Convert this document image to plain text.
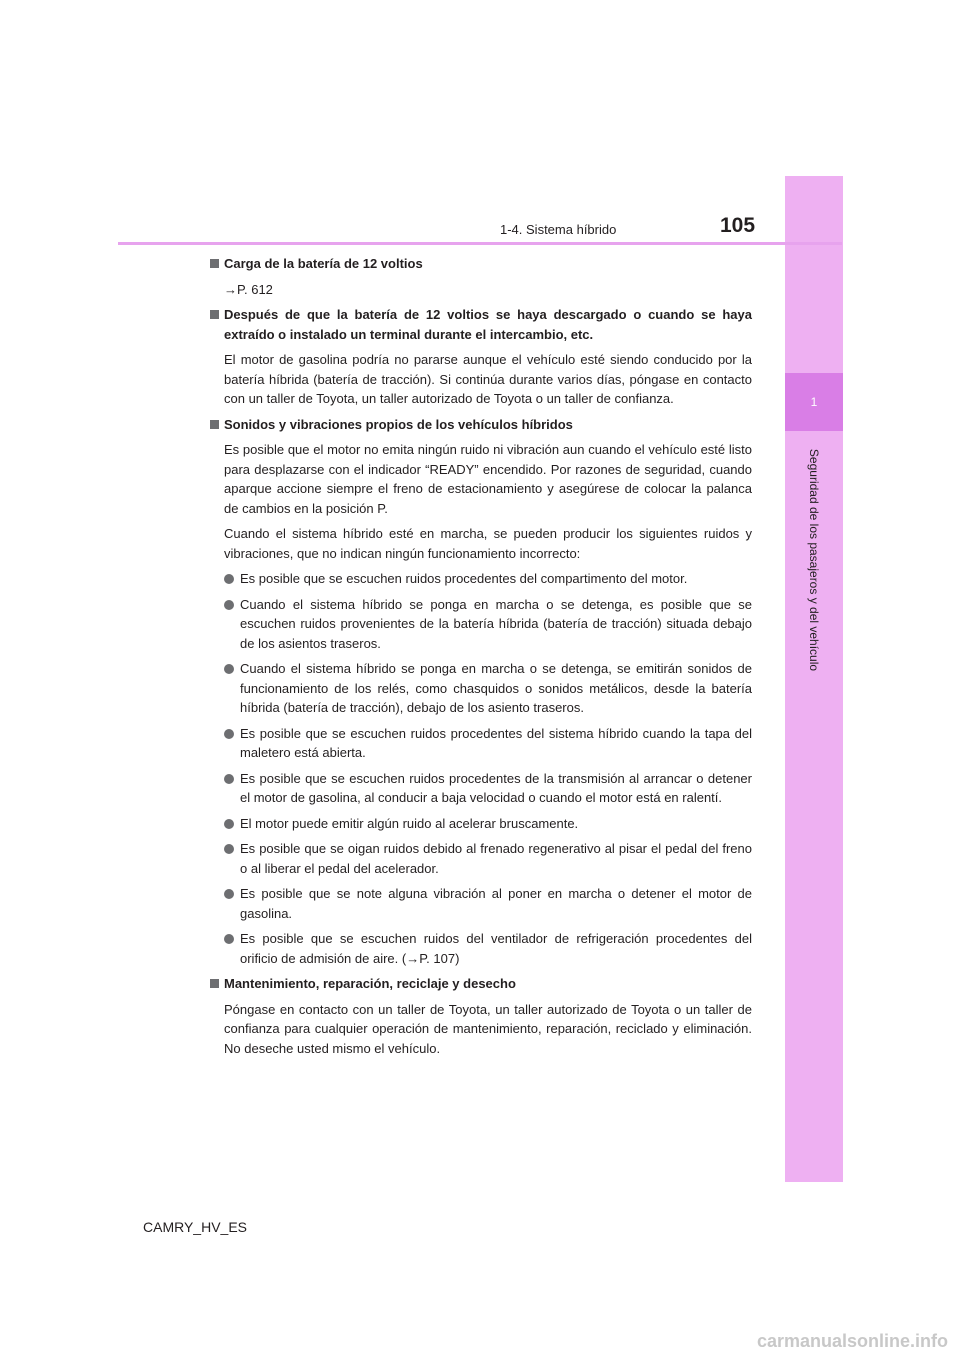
1
Seguridad de los pasajeros y del vehículo
1-4. Sistema híbrido	105
Carga de la batería de 12 voltios
→P. 612
Después de que la batería de 12 voltios se haya descargado o cuando se haya extraído o instalado un terminal durante el intercambio, etc.
El motor de gasolina podría no pararse aunque el vehículo esté siendo conducido por la batería híbrida (batería de tracción). Si continúa durante varios días, póngase en contacto con un taller de Toyota, un taller autorizado de Toyota o un taller de confianza.
Sonidos y vibraciones propios de los vehículos híbridos
Es posible que el motor no emita ningún ruido ni vibración aun cuando el vehículo esté listo para desplazarse con el indicador “READY” encendido. Por razones de seguridad, cuando aparque accione siempre el freno de estacionamiento y asegúrese de colocar la palanca de cambios en la posición P.
Cuando el sistema híbrido esté en marcha, se pueden producir los siguientes ruidos y vibraciones, que no indican ningún funcionamiento incorrecto:
Es posible que se escuchen ruidos procedentes del compartimento del motor.
Cuando el sistema híbrido se ponga en marcha o se detenga, es posible que se escuchen ruidos provenientes de la batería híbrida (batería de tracción) situada debajo de los asientos traseros.
Cuando el sistema híbrido se ponga en marcha o se detenga, se emitirán sonidos de funcionamiento de los relés, como chasquidos o sonidos metálicos, desde la batería híbrida (batería de tracción), debajo de los asiento traseros.
Es posible que se escuchen ruidos procedentes del sistema híbrido cuando la tapa del maletero está abierta.
Es posible que se escuchen ruidos procedentes de la transmisión al arrancar o detener el motor de gasolina, al conducir a baja velocidad o cuando el motor está en ralentí.
El motor puede emitir algún ruido al acelerar bruscamente.
Es posible que se oigan ruidos debido al frenado regenerativo al pisar el pedal del freno o al liberar el pedal del acelerador.
Es posible que se note alguna vibración al poner en marcha o detener el motor de gasolina.
Es posible que se escuchen ruidos del ventilador de refrigeración procedentes del orificio de admisión de aire. (→P. 107)
Mantenimiento, reparación, reciclaje y desecho
Póngase en contacto con un taller de Toyota, un taller autorizado de Toyota o un taller de confianza para cualquier operación de mantenimiento, reparación, reciclado y eliminación. No deseche usted mismo el vehículo.
CAMRY_HV_ES
carmanualsonline.info
